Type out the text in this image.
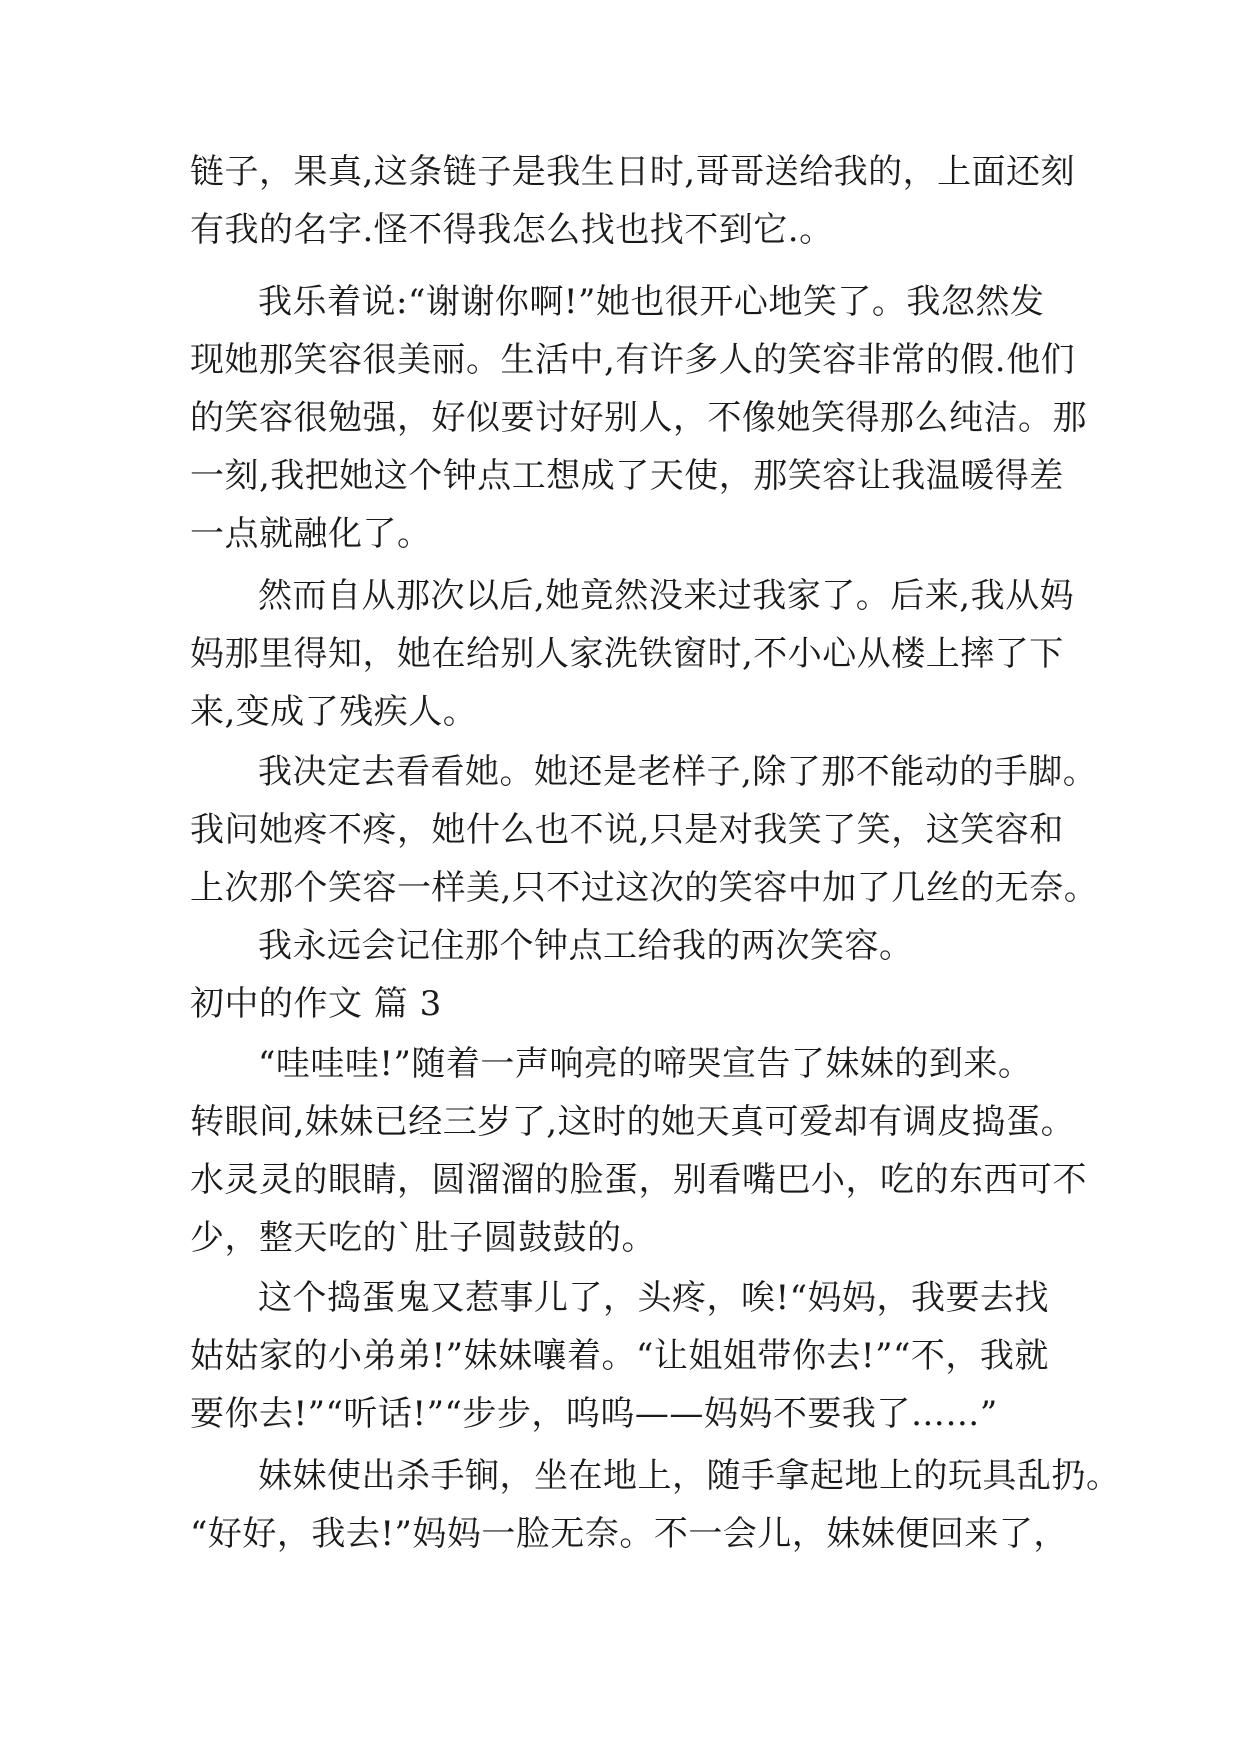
链子，果真,这条链子是我生日时,哥哥送给我的，上面还刻
有我的名字.怪不得我怎么找也找不到它.。
我乐着说:“谢谢你啊!”她也很开心地笑了。我忽然发
现她那笑容很美丽。生活中,有许多人的笑容非常的假.他们
的笑容很勉强，好似要讨好别人，不像她笑得那么纯洁。那
一刻,我把她这个钟点工想成了天使，那笑容让我温暖得差
一点就融化了。
然而自从那次以后,她竟然没来过我家了。后来,我从妈
妈那里得知，她在给别人家洗铁窗时,不小心从楼上摔了下
来,变成了残疾人。
我决定去看看她。她还是老样子,除了那不能动的手脚。
我问她疼不疼，她什么也不说,只是对我笑了笑，这笑容和
上次那个笑容一样美,只不过这次的笑容中加了几丝的无奈。
我永远会记住那个钟点工给我的两次笑容。
初中的作文 篇 3
“哇哇哇!”随着一声响亮的啼哭宣告了妹妹的到来。
转眼间,妹妹已经三岁了,这时的她天真可爱却有调皮捣蛋。
水灵灵的眼睛，圆溜溜的脸蛋，别看嘴巴小，吃的东西可不
少，整天吃的`肚子圆鼓鼓的。
这个捣蛋鬼又惹事儿了，头疼，唉!“妈妈，我要去找
姑姑家的小弟弟!”妹妹嚷着。“让姐姐带你去!”“不，我就
要你去!”“听话!”“步步，呜呜——妈妈不要我了……”
妹妹使出杀手锏，坐在地上，随手拿起地上的玩具乱扔。
“好好，我去!”妈妈一脸无奈。不一会儿，妹妹便回来了，
